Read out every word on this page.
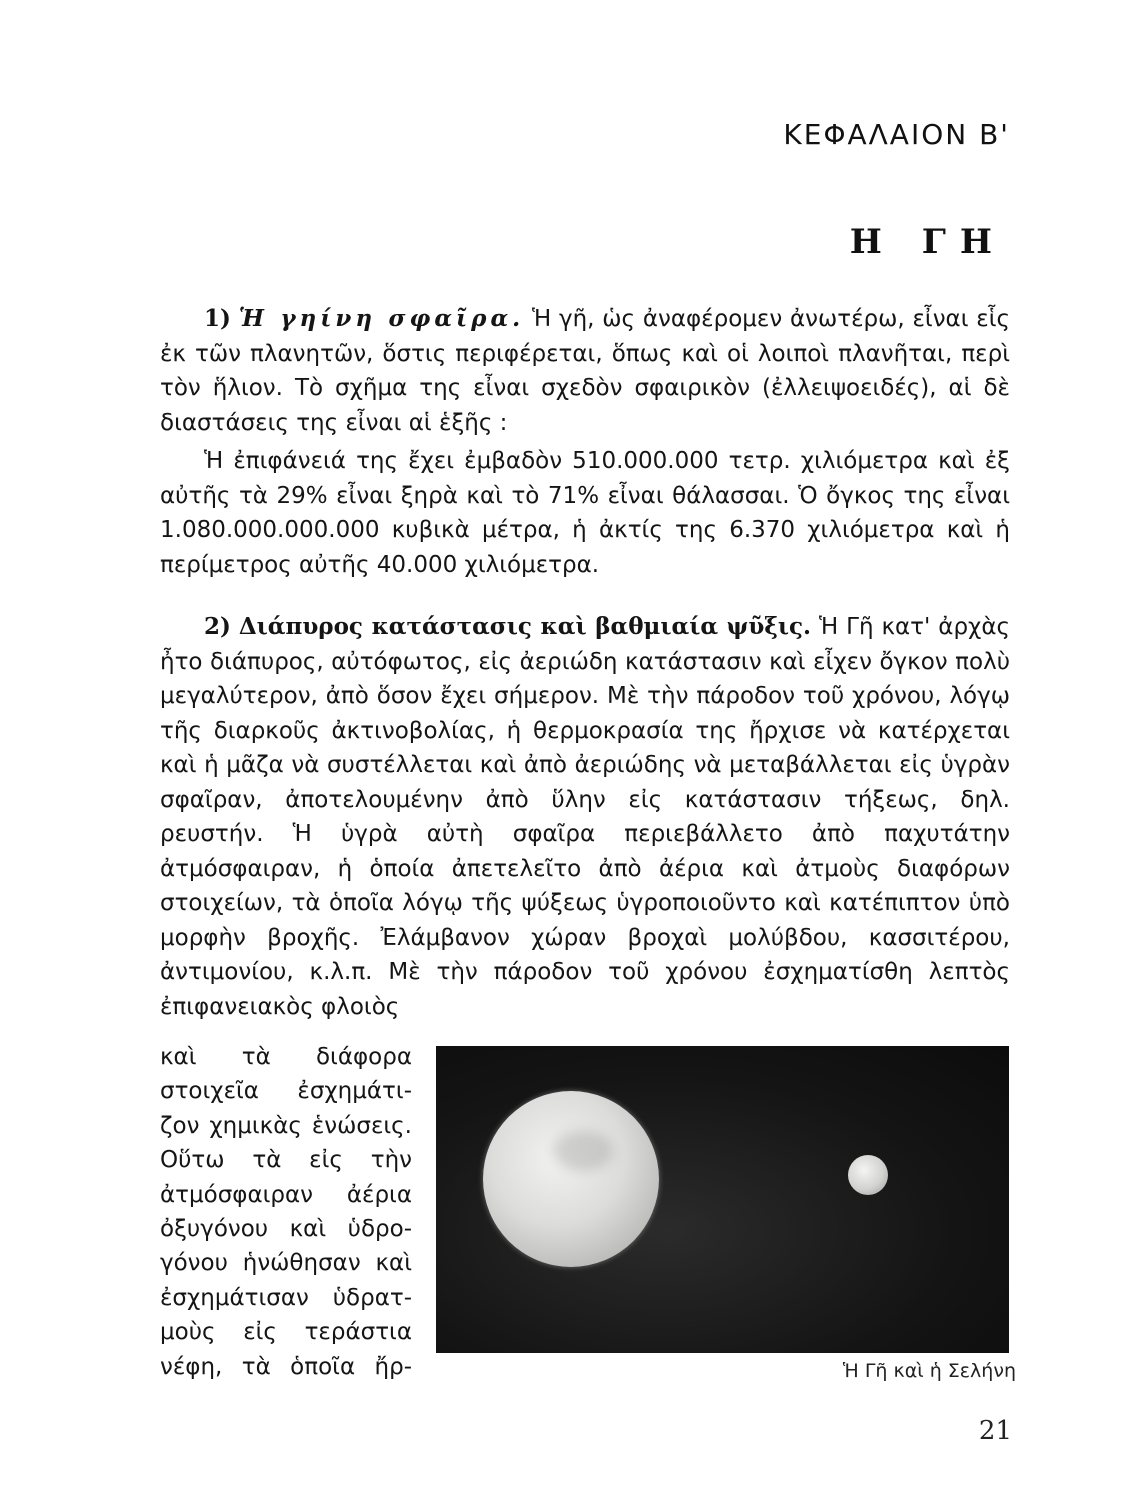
ΚΕΦΑΛΑΙΟΝ Β'
Η ΓΗ
1) Ἡ γηίνη σφαῖρα. Ἡ γῆ, ὡς ἀναφέρομεν ἀνωτέρω, εἶναι εἷς ἐκ τῶν πλανητῶν, ὅστις περιφέρεται, ὅπως καὶ οἱ λοιποὶ πλανῆται, περὶ τὸν ἥλιον. Τὸ σχῆμα της εἶναι σχεδὸν σφαιρικὸν (ἐλλειψοειδές), αἱ δὲ διαστάσεις της εἶναι αἱ ἑξῆς :
Ἡ ἐπιφάνειά της ἔχει ἐμβαδὸν 510.000.000 τετρ. χιλιόμετρα καὶ ἐξ αὐτῆς τὰ 29% εἶναι ξηρὰ καὶ τὸ 71% εἶναι θάλασσαι. Ὁ ὄγκος της εἶναι 1.080.000.000.000 κυβικὰ μέτρα, ἡ ἀκτίς της 6.370 χιλιόμετρα καὶ ἡ περίμετρος αὐτῆς 40.000 χιλιόμετρα.
2) Διάπυρος κατάστασις καὶ βαθμιαία ψῦξις. Ἡ Γῆ κατ' ἀρχὰς ἦτο διάπυρος, αὐτόφωτος, εἰς ἀεριώδη κατάστασιν καὶ εἶχεν ὄγκον πολὺ μεγαλύτερον, ἀπὸ ὅσον ἔχει σήμερον. Μὲ τὴν πάροδον τοῦ χρόνου, λόγῳ τῆς διαρκοῦς ἀκτινοβολίας, ἡ θερμοκρασία της ἤρχισε νὰ κατέρχεται καὶ ἡ μᾶζα νὰ συστέλλεται καὶ ἀπὸ ἀεριώδης νὰ μεταβάλλεται εἰς ὑγρὰν σφαῖραν, ἀποτελουμένην ἀπὸ ὕλην εἰς κατάστασιν τήξεως, δηλ. ρευστήν. Ἡ ὑγρὰ αὐτὴ σφαῖρα περιεβάλλετο ἀπὸ παχυτάτην ἀτμόσφαιραν, ἡ ὁποία ἀπετελεῖτο ἀπὸ ἀέρια καὶ ἀτμοὺς διαφόρων στοιχείων, τὰ ὁποῖα λόγῳ τῆς ψύξεως ὑγροποιοῦντο καὶ κατέπιπτον ὑπὸ μορφὴν βροχῆς. Ἐλάμβανον χώραν βροχαὶ μολύβδου, κασσιτέρου, ἀντιμονίου, κ.λ.π. Μὲ τὴν πάροδον τοῦ χρόνου ἐσχηματίσθη λεπτὸς ἐπιφανειακὸς φλοιὸς
καὶ τὰ διάφορα
στοιχεῖα ἐσχημάτι-
ζον χημικὰς ἑνώσεις.
Οὕτω τὰ εἰς τὴν
ἀτμόσφαιραν ἀέρια
ὀξυγόνου καὶ ὑδρο-
γόνου ἡνώθησαν καὶ
ἐσχημάτισαν ὑδρατ-
μοὺς εἰς τεράστια
νέφη, τὰ ὁποῖα ἤρ-	Ἡ Γῆ καὶ ἡ Σελήνη
21
